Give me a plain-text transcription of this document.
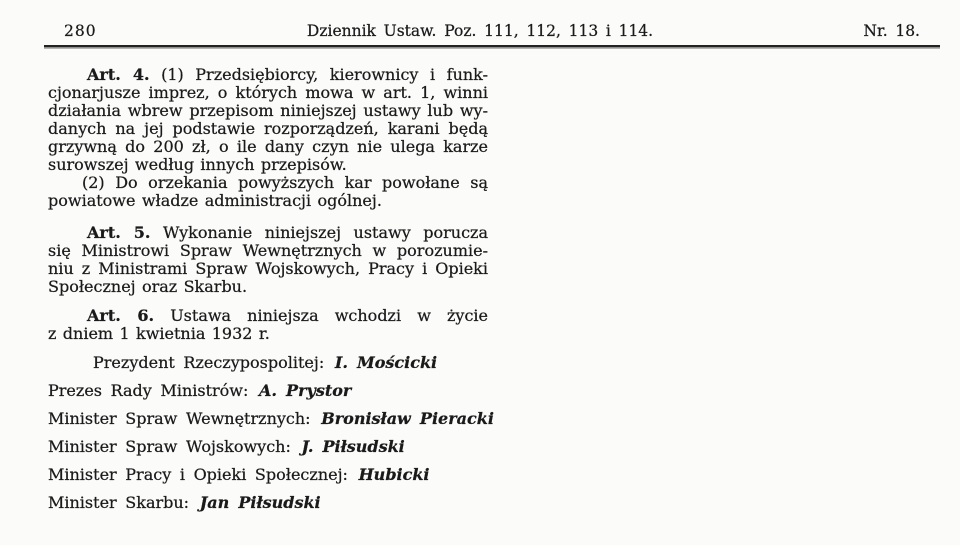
280	Dziennik Ustaw. Poz. 111, 112, 113 i 114.	Nr. 18.
Art. 4. (1) Przedsiębiorcy, kierownicy i funk-
cjonarjusze imprez, o których mowa w art. 1, winni
działania wbrew przepisom niniejszej ustawy lub wy-
danych na jej podstawie rozporządzeń, karani będą
grzywną do 200 zł, o ile dany czyn nie ulega karze
surowszej według innych przepisów.
(2) Do orzekania powyższych kar powołane są
powiatowe władze administracji ogólnej.
Art. 5. Wykonanie niniejszej ustawy porucza
się Ministrowi Spraw Wewnętrznych w porozumie-
niu z Ministrami Spraw Wojskowych, Pracy i Opieki
Społecznej oraz Skarbu.
Art. 6. Ustawa niniejsza wchodzi w życie
z dniem 1 kwietnia 1932 r.
Prezydent Rzeczypospolitej: I. Mościcki
Prezes Rady Ministrów: A. Prystor
Minister Spraw Wewnętrznych: Bronisław Pieracki
Minister Spraw Wojskowych: J. Piłsudski
Minister Pracy i Opieki Społecznej: Hubicki
Minister Skarbu: Jan Piłsudski
